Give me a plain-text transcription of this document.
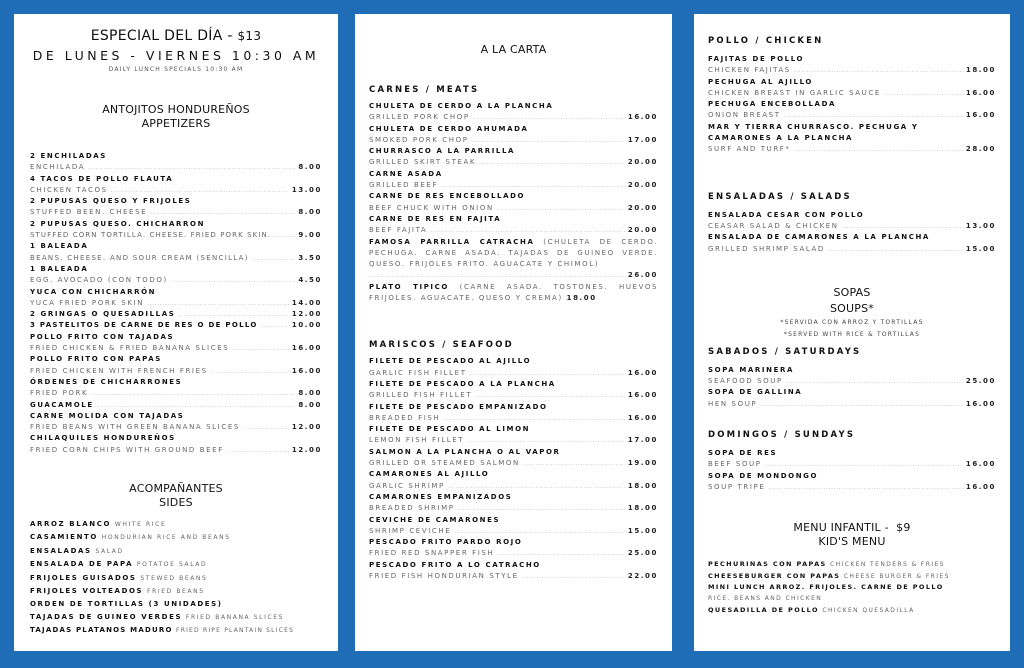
ESPECIAL DEL DÍA - $13
DE LUNES - VIERNES 10:30 AM
DAILY LUNCH SPECIALS 10:30 AM
ANTOJITOS HONDUREÑOS
APPETIZERS
2 ENCHILADAS
ENCHILADA .....	8.00
4 TACOS DE POLLO FLAUTA
CHICKEN TACOS .....	13.00
2 PUPUSAS QUESO Y FRIJOLES
STUFFED BEEN. CHEESE .....	8.00
2 PUPUSAS QUESO. CHICHARRON
STUFFED CORN TORTILLA. CHEESE. FRIED PORK SKIN. .....	9.00
1 BALEADA
BEANS. CHEESE. AND SOUR CREAM (SENCILLA) .....	3.50
1 BALEADA
EGG. AVOCADO (CON TODO) .....	4.50
YUCA CON CHICHARRÓN
YUCA FRIED PORK SKIN .....	14.00
2 GRINGAS O QUESADILLAS .....	12.00
3 PASTELITOS DE CARNE DE RES O DE POLLO .....	10.00
POLLO FRITO CON TAJADAS
FRIED CHICKEN & FRIED BANANA SLICES .....	16.00
POLLO FRITO CON PAPAS
FRIED CHICKEN WITH FRENCH FRIES .....	16.00
ÓRDENES DE CHICHARRONES
FRIED PORK .....	8.00
GUACAMOLE .....	8.00
CARNE MOLIDA CON TAJADAS
FRIED BEANS WITH GREEN BANANA SLICES .....	12.00
CHILAQUILES HONDUREÑOS
FRIED CORN CHIPS WITH GROUND BEEF .....	12.00
ACOMPAÑANTES
SIDES
ARROZ BLANCO WHITE RICE
CASAMIENTO HONDURIAN RICE AND BEANS
ENSALADAS SALAD
ENSALADA DE PAPA POTATOE SALAD
FRIJOLES GUISADOS STEWED BEANS
FRIJOLES VOLTEADOS FRIED BEANS
ORDEN DE TORTILLAS (3 UNIDADES)
TAJADAS DE GUINEO VERDES FRIED BANANA SLICES
TAJADAS PLATANOS MADURO FRIED RIPE PLANTAIN SLICES
A LA CARTA
CARNES / MEATS
CHULETA DE CERDO A LA PLANCHA
GRILLED PORK CHOP .....	16.00
CHULETA DE CERDO AHUMADA
SMOKED PORK CHOP .....	17.00
CHURRASCO A LA PARRILLA
GRILLED SKIRT STEAK .....	20.00
CARNE ASADA
GRILLED BEEF .....	20.00
CARNE DE RES ENCEBOLLADO
BEEF CHUCK WITH ONION .....	20.00
CARNE DE RES EN FAJITA
BEEF FAJITA .....	20.00
FAMOSA PARRILLA CATRACHA (CHULETA DE CERDO. PECHUGA. CARNE ASADA. TAJADAS DE GUINEO VERDE. QUESO. FRIJOLES FRITO. AGUACATE Y CHIMOL)
.....
26.00
PLATO TIPICO (CARNE ASADA. TOSTONES. HUEVOS FRIJOLES. AGUACATE. QUESO Y CREMA) 18.00
MARISCOS / SEAFOOD
FILETE DE PESCADO AL AJILLO
GARLIC FISH FILLET .....	16.00
FILETE DE PESCADO A LA PLANCHA
GRILLED FISH FILLET .....	16.00
FILETE DE PESCADO EMPANIZADO
BREADED FISH .....	16.00
FILETE DE PESCADO AL LIMON
LEMON FISH FILLET .....	17.00
SALMON A LA PLANCHA O AL VAPOR
GRILLED OR STEAMED SALMON .....	19.00
CAMARONES AL AJILLO
GARLIC SHRIMP .....	18.00
CAMARONES EMPANIZADOS
BREADED SHRIMP .....	18.00
CEVICHE DE CAMARONES
SHRIMP CEVICHE .....	15.00
PESCADO FRITO PARDO ROJO
FRIED RED SNAPPER FISH .....	25.00
PESCADO FRITO A LO CATRACHO
FRIED FISH HONDURIAN STYLE .....	22.00
POLLO / CHICKEN
FAJITAS DE POLLO
CHICKEN FAJITAS .....	18.00
PECHUGA AL AJILLO
CHICKEN BREAST IN GARLIC SAUCE .....	16.00
PECHUGA ENCEBOLLADA
ONION BREAST .....	16.00
MAR Y TIERRA CHURRASCO. PECHUGA Y CAMARONES A LA PLANCHA
SURF AND TURF* .....	28.00
ENSALADAS / SALADS
ENSALADA CESAR CON POLLO
CEASAR SALAD & CHICKEN .....	13.00
ENSALADA DE CAMARONES A LA PLANCHA
GRILLED SHRIMP SALAD .....	15.00
SOPAS
SOUPS*
*SERVIDA CON ARROZ Y TORTILLAS
*SERVED WITH RICE & TORTILLAS
SABADOS / SATURDAYS
SOPA MARINERA
SEAFOOD SOUP .....	25.00
SOPA DE GALLINA
HEN SOUP .....	16.00
DOMINGOS / SUNDAYS
SOPA DE RES
BEEF SOUP .....	16.00
SOPA DE MONDONGO
SOUP TRIPE .....	16.00
MENU INFANTIL - $9
KID'S MENU
PECHURINAS CON PAPAS CHICKEN TENDERS & FRIES
CHEESEBURGER CON PAPAS CHEESE BURGER & FRIES
MINI LUNCH ARROZ. FRIJOLES. CARNE DE POLLO
RICE. BEANS AND CHICKEN
QUESADILLA DE POLLO CHICKEN QUESADILLA
